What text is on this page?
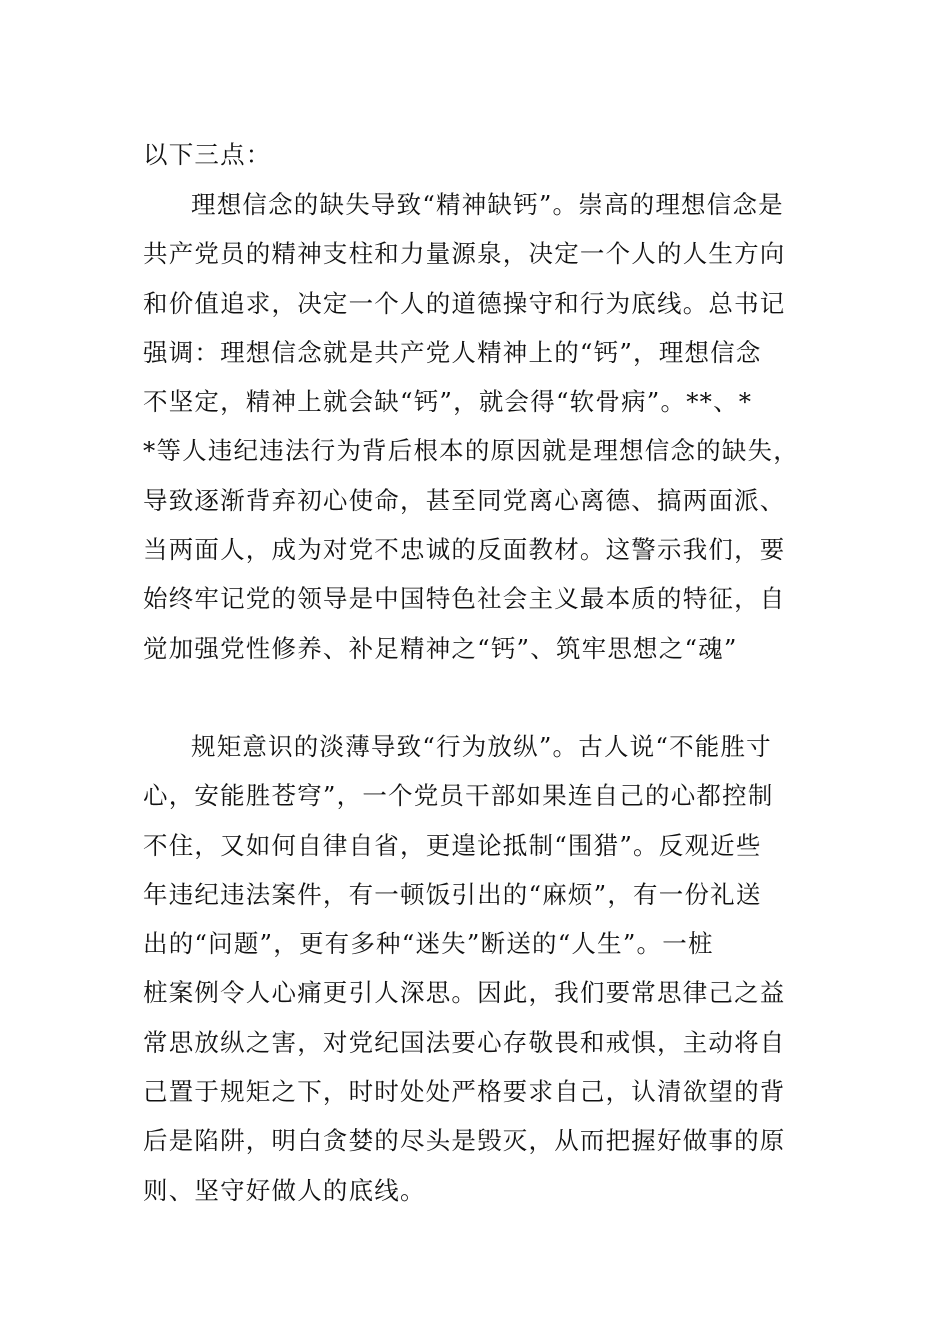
以下三点：
理想信念的缺失导致“精神缺钙”。崇高的理想信念是
共产党员的精神支柱和力量源泉，决定一个人的人生方向
和价值追求，决定一个人的道德操守和行为底线。总书记
强调：理想信念就是共产党人精神上的“钙”，理想信念
不坚定，精神上就会缺“钙”，就会得“软骨病”。**、*
*等人违纪违法行为背后根本的原因就是理想信念的缺失，
导致逐渐背弃初心使命，甚至同党离心离德、搞两面派、
当两面人，成为对党不忠诚的反面教材。这警示我们，要
始终牢记党的领导是中国特色社会主义最本质的特征，自
觉加强党性修养、补足精神之“钙”、筑牢思想之“魂”
规矩意识的淡薄导致“行为放纵”。古人说“不能胜寸
心，安能胜苍穹”，一个党员干部如果连自己的心都控制
不住，又如何自律自省，更遑论抵制“围猎”。反观近些
年违纪违法案件，有一顿饭引出的“麻烦”，有一份礼送
出的“问题”，更有多种“迷失”断送的“人生”。一桩
桩案例令人心痛更引人深思。因此，我们要常思律己之益
常思放纵之害，对党纪国法要心存敬畏和戒惧，主动将自
己置于规矩之下，时时处处严格要求自己，认清欲望的背
后是陷阱，明白贪婪的尽头是毁灭，从而把握好做事的原
则、坚守好做人的底线。
